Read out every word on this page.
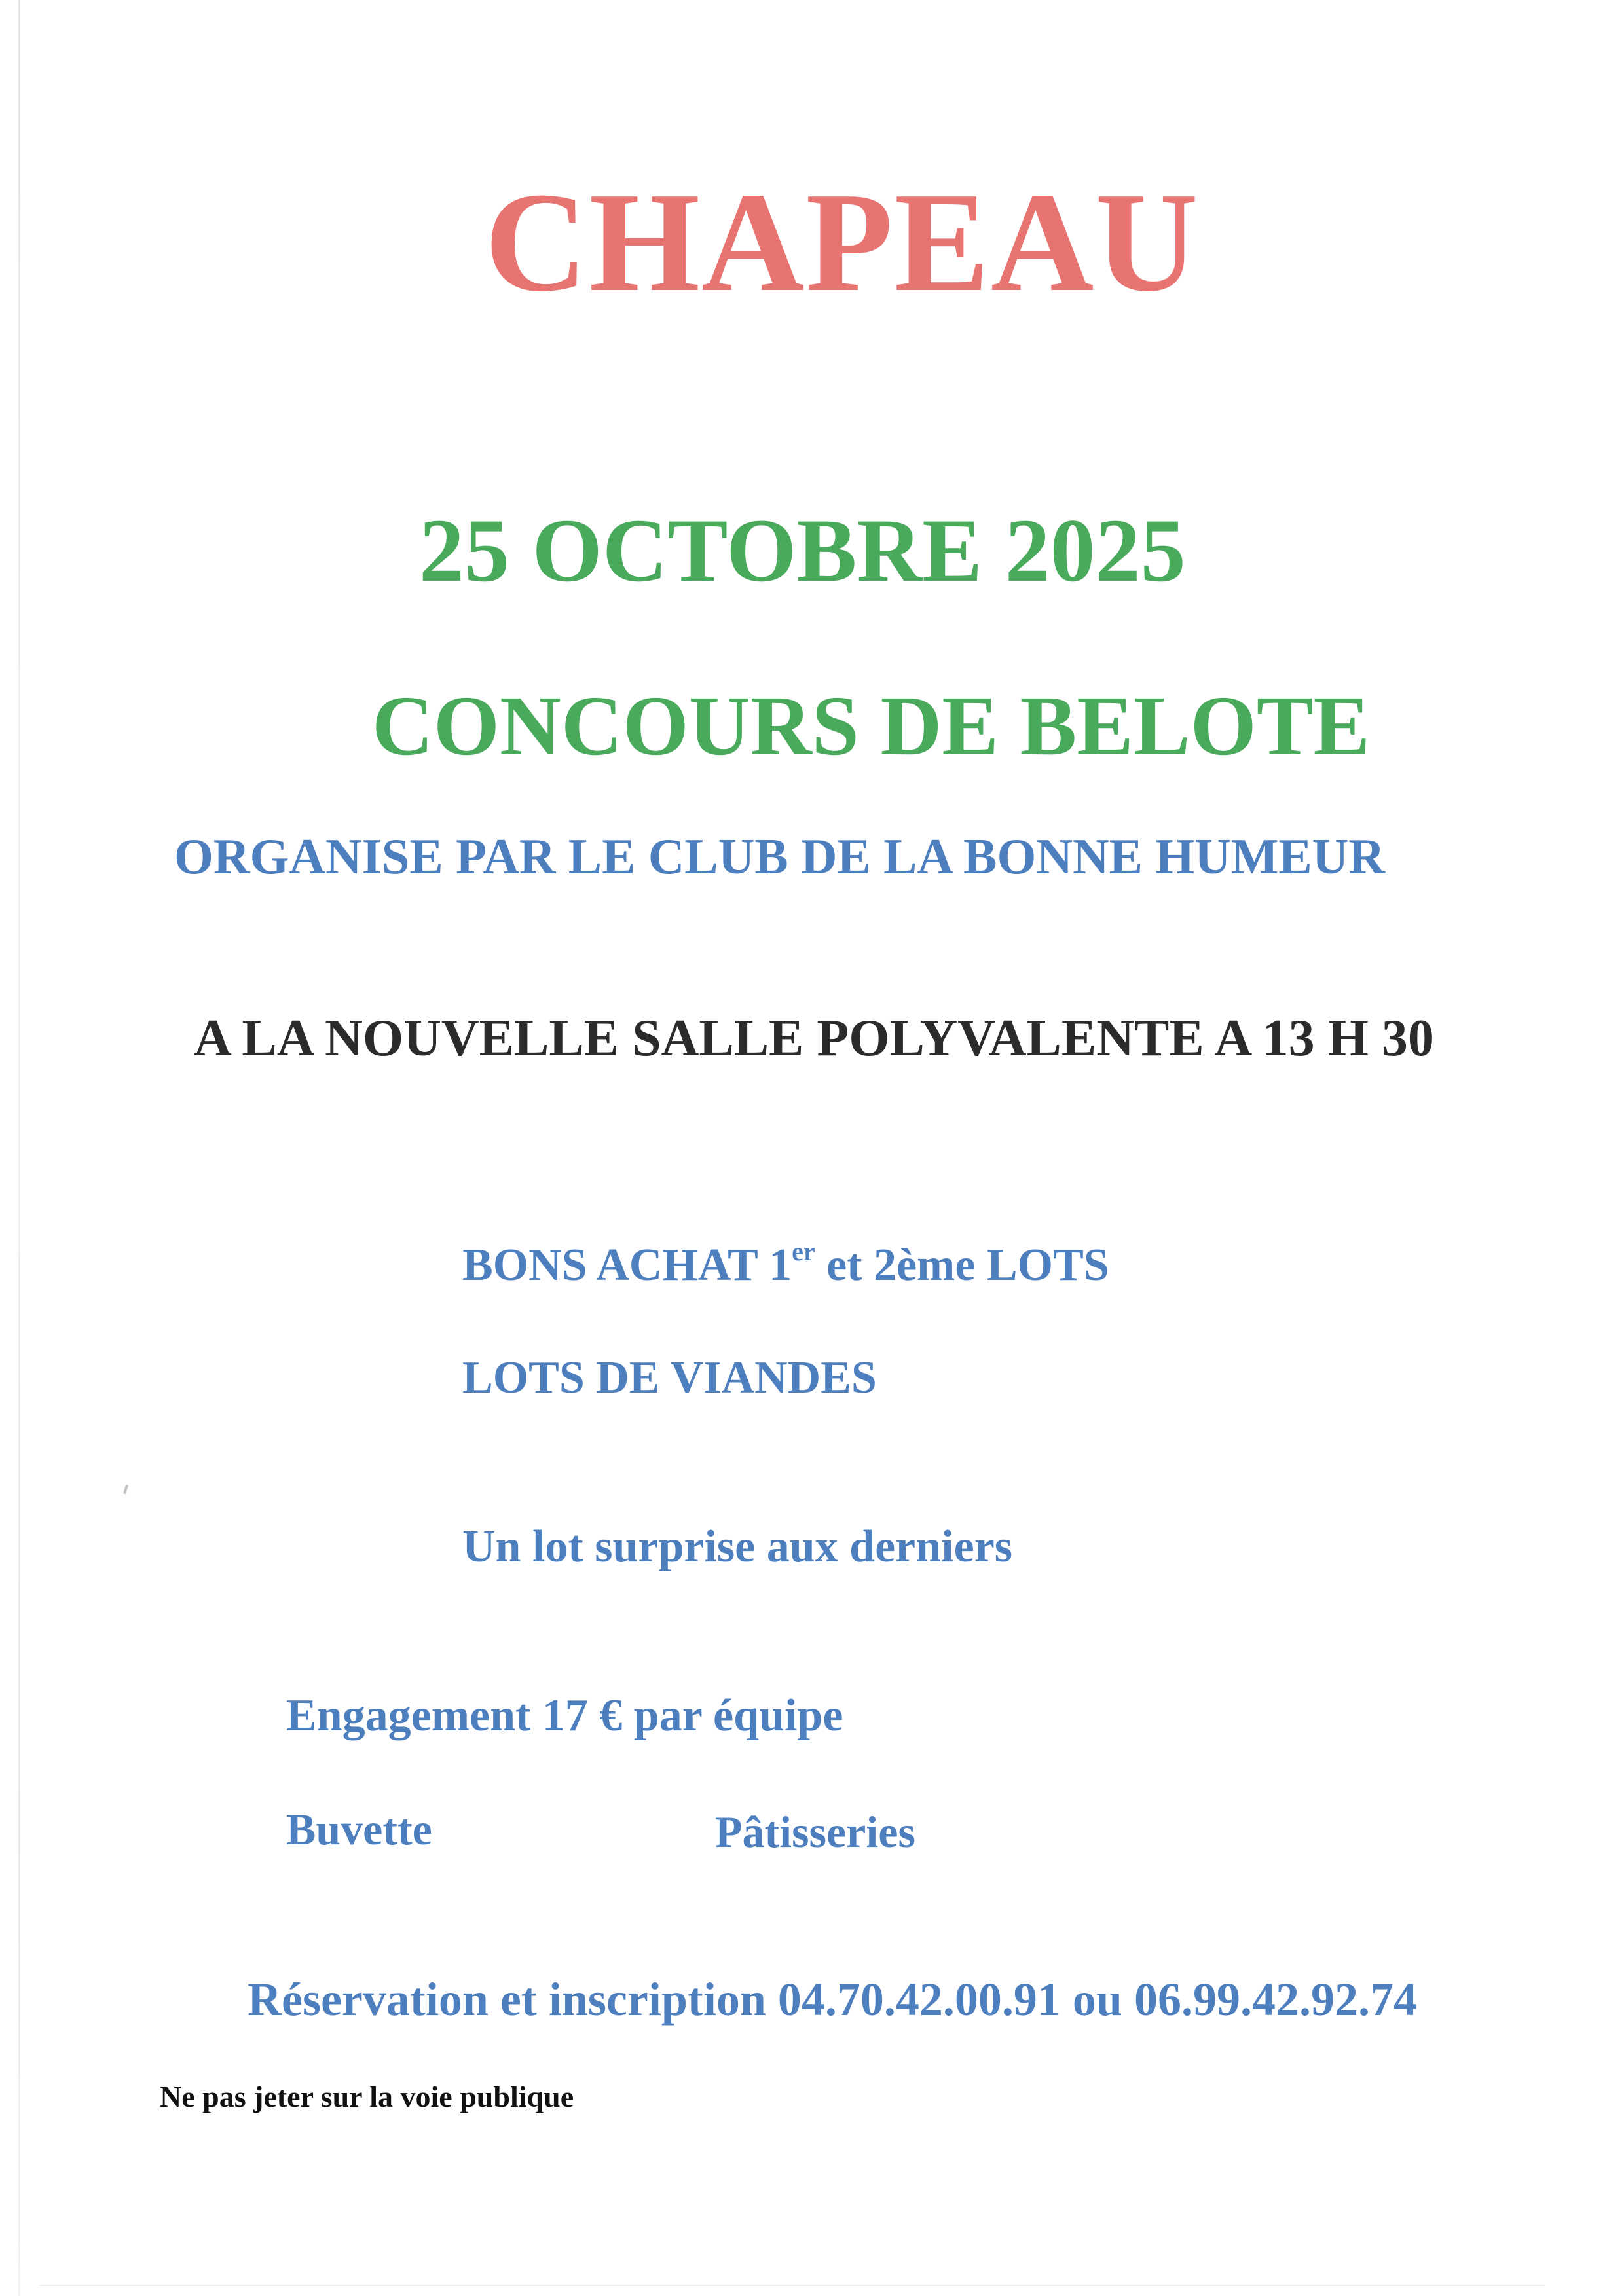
CHAPEAU
25 OCTOBRE 2025
CONCOURS DE BELOTE
ORGANISE PAR LE CLUB DE LA BONNE HUMEUR
A LA NOUVELLE SALLE POLYVALENTE A 13 H 30
BONS ACHAT 1er et 2ème LOTS
LOTS DE VIANDES
Un lot surprise aux derniers
Engagement 17 € par équipe
Buvette	Pâtisseries
Réservation et inscription 04.70.42.00.91 ou 06.99.42.92.74
Ne pas jeter sur la voie publique
